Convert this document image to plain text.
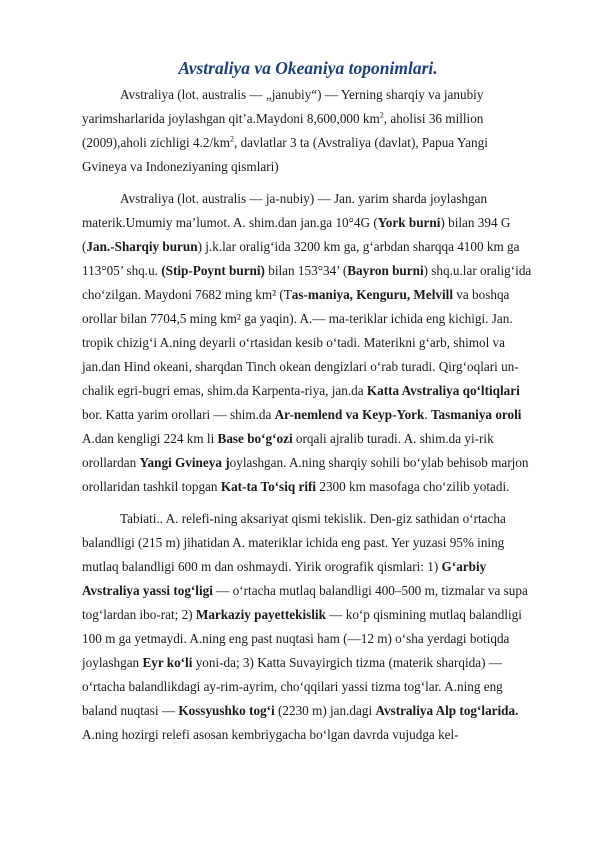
Avstraliya va Okeaniya toponimlari.

Avstraliya (lot. australis — „janubiy“) — Yerning sharqiy va janubiy yarimsharlarida joylashgan qit’a.Maydoni 8,600,000 $km^2$, aholisi 36 million (2009),aholi zichligi $4.2/km^2$, davlatlar 3 ta (Avstraliya (davlat), Papua Yangi Gvineya va Indoneziyaning qismlari)

Avstraliya (lot. australis — ja-nubiy) — Jan. yarim sharda joylashgan materik.Umumiy ma’lumot. A. shim.dan jan.ga 10°4G (York burni) bilan 394 G (Jan.-Sharqiy burun) j.k.lar oralig‘ida 3200 km ga, g‘arbdan sharqqa 4100 km ga 113°05’ shq.u. (Stip-Poynt burni) bilan 153°34’ (Bayron burni) shq.u.lar oralig‘ida cho‘zilgan. Maydoni 7682 ming km² (Tas-maniya, Kenguru, Melvill va boshqa orollar bilan 7704,5 ming km² ga yaqin). A.— ma-teriklar ichida eng kichigi. Jan. tropik chizig‘i A.ning deyarli o‘rtasidan kesib o‘tadi. Materikni g‘arb, shimol va jan.dan Hind okeani, sharqdan Tinch okean dengizlari o‘rab turadi. Qirg‘oqlari un-chalik egri-bugri emas, shim.da Karpenta-riya, jan.da Katta Avstraliya qo‘ltiqlari bor. Katta yarim orollari — shim.da Ar-nemlend va Keyp-York. Tasmaniya oroli A.dan kengligi 224 km li Base bo‘g‘ozi orqali ajralib turadi. A. shim.da yi-rik orollardan Yangi Gvineya joylashgan. A.ning sharqiy sohili bo‘ylab behisob marjon orollaridan tashkil topgan Kat-ta To‘siq rifi 2300 km masofaga cho‘zilib yotadi.

Tabiati.. A. relefi-ning aksariyat qismi tekislik. Den-giz sathidan o‘rtacha balandligi (215 m) jihatidan A. materiklar ichida eng past. Yer yuzasi 95% ining mutlaq balandligi 600 m dan oshmaydi. Yirik orografik qismlari: 1) G‘arbiy Avstraliya yassi tog‘ligi — o‘rtacha mutlaq balandligi 400–500 m, tizmalar va supa tog‘lardan ibo-rat; 2) Markaziy payettekislik — ko‘p qismining mutlaq balandligi 100 m ga yetmaydi. A.ning eng past nuqtasi ham (—12 m) o‘sha yerdagi botiqda joylashgan Eyr ko‘li yoni-da; 3) Katta Suvayirgich tizma (materik sharqida) — o‘rtacha balandlikdagi ay-rim-ayrim, cho‘qqilari yassi tizma tog‘lar. A.ning eng baland nuqtasi — Kossyushko tog‘i (2230 m) jan.dagi Avstraliya Alp tog‘larida. A.ning hozirgi relefi asosan kembriygacha bo‘lgan davrda vujudga kel-
